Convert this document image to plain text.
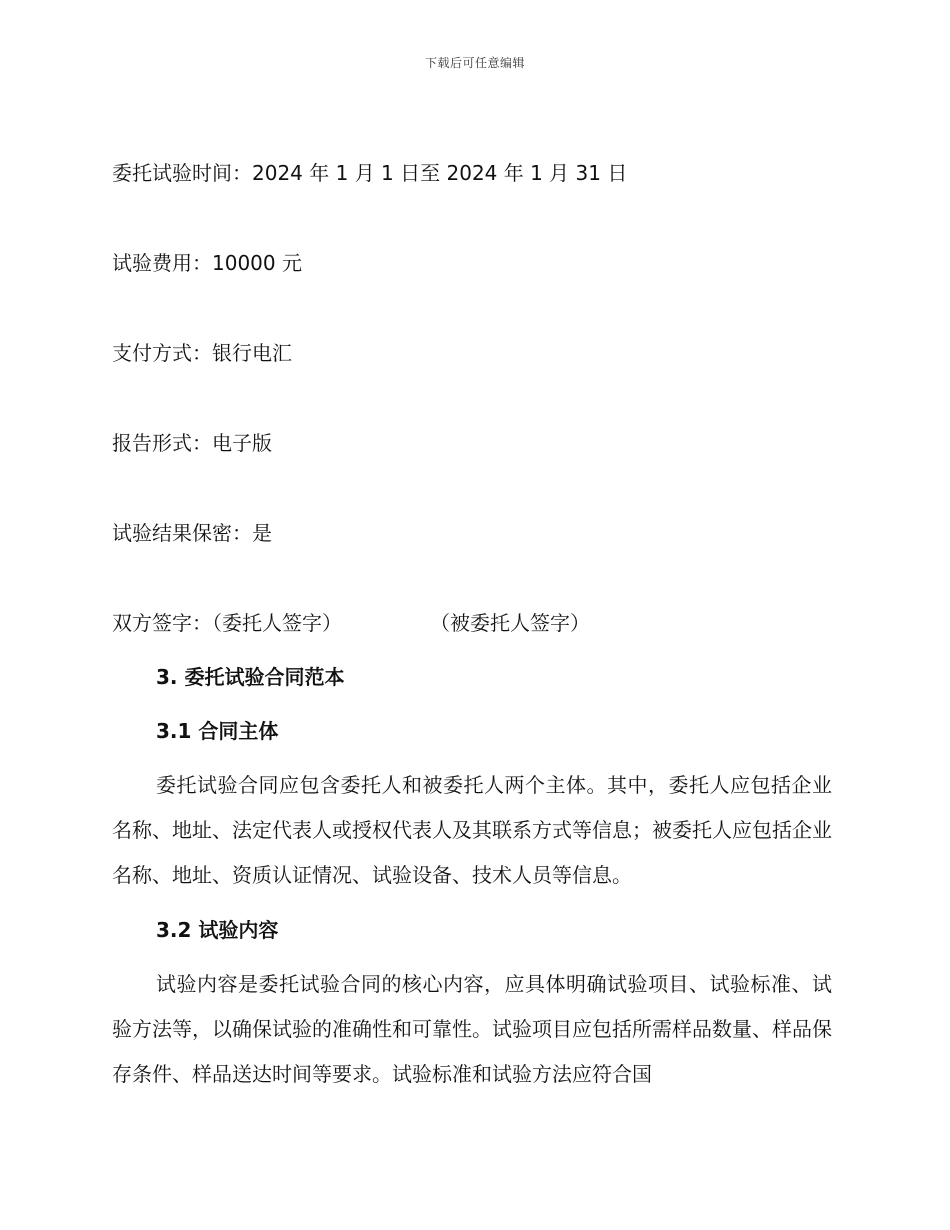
下载后可任意编辑
委托试验时间：2024 年 1 月 1 日至 2024 年 1 月 31 日
试验费用：10000 元
支付方式：银行电汇
报告形式：电子版
试验结果保密：是
双方签字：（委托人签字）	（被委托人签字）
3. 委托试验合同范本
3.1 合同主体

委托试验合同应包含委托人和被委托人两个主体。其中，委托人应包括企业名称、地址、法定代表人或授权代表人及其联系方式等信息；被委托人应包括企业名称、地址、资质认证情况、试验设备、技术人员等信息。

3.2 试验内容

试验内容是委托试验合同的核心内容，应具体明确试验项目、试验标准、试验方法等，以确保试验的准确性和可靠性。试验项目应包括所需样品数量、样品保存条件、样品送达时间等要求。试验标准和试验方法应符合国
